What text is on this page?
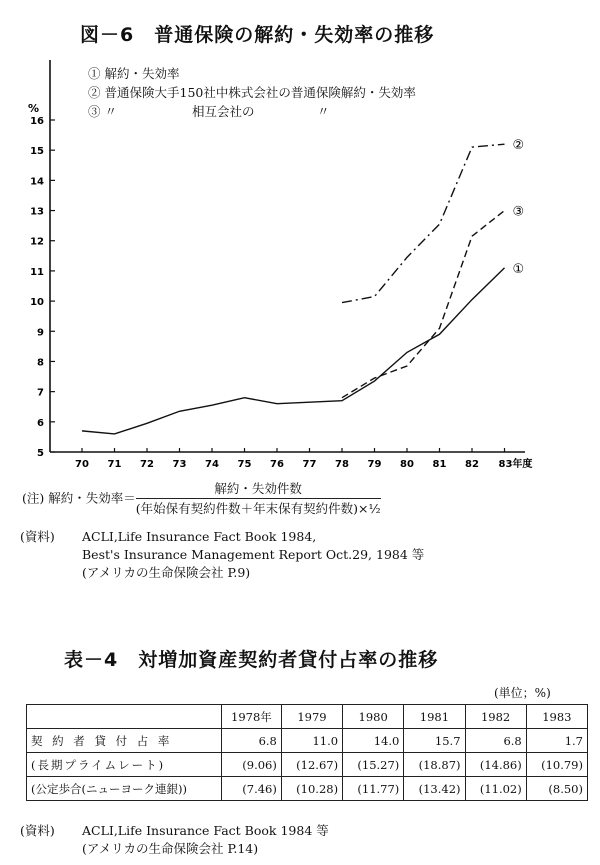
図－6　普通保険の解約・失効率の推移
① 解約・失効率
② 普通保険大手150社中株式会社の普通保険解約・失効率
③ 〃　　　　　　相互会社の　　　　　〃
%
5
6
7
8
9
10
11
12
13
14
15
16
70 71 72 73 74 75 76 77 78 79 80 81 82 83年度
①
②
③
(注) 解約・失効率＝ $\frac{\text{解約・失効件数}}{\text{(年始保有契約件数＋年末保有契約件数)×½}}$
(資料)	ACLI,Life Insurance Fact Book 1984,
Best's Insurance Management Report Oct.29, 1984 等
(アメリカの生命保険会社 P.9)
表－4　対増加資産契約者貸付占率の推移
(単位；%)
	1978年	1979	1980	1981	1982	1983
契 約 者 貸 付 占 率	6.8	11.0	14.0	15.7	6.8	1.7
(長期プライムレート)	(9.06)	(12.67)	(15.27)	(18.87)	(14.86)	(10.79)
(公定歩合(ニューヨーク連銀))	(7.46)	(10.28)	(11.77)	(13.42)	(11.02)	(8.50)
(資料)	ACLI,Life Insurance Fact Book 1984 等
(アメリカの生命保険会社 P.14)
